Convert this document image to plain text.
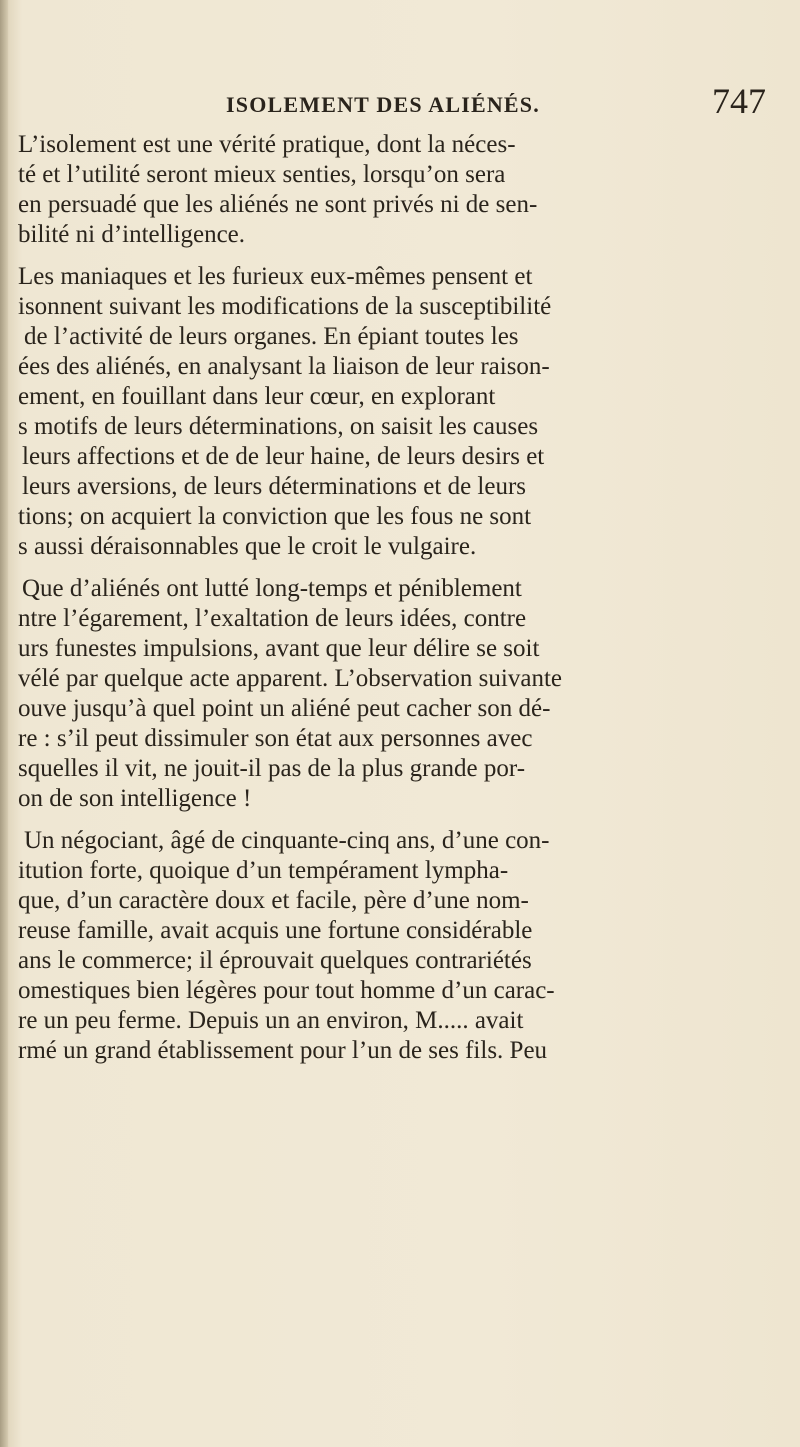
ISOLEMENT DES ALIÉNÉS.	747
L’isolement est une vérité pratique, dont la néces-
té et l’utilité seront mieux senties, lorsqu’on sera
en persuadé que les aliénés ne sont privés ni de sen-
bilité ni d’intelligence.
Les maniaques et les furieux eux-mêmes pensent et
isonnent suivant les modifications de la susceptibilité
de l’activité de leurs organes. En épiant toutes les
ées des aliénés, en analysant la liaison de leur raison-
ement, en fouillant dans leur cœur, en explorant
s motifs de leurs déterminations, on saisit les causes
leurs affections et de de leur haine, de leurs desirs et
leurs aversions, de leurs déterminations et de leurs
tions; on acquiert la conviction que les fous ne sont
s aussi déraisonnables que le croit le vulgaire.
Que d’aliénés ont lutté long-temps et péniblement
ntre l’égarement, l’exaltation de leurs idées, contre
urs funestes impulsions, avant que leur délire se soit
vélé par quelque acte apparent. L’observation suivante
ouve jusqu’à quel point un aliéné peut cacher son dé-
re : s’il peut dissimuler son état aux personnes avec
squelles il vit, ne jouit-il pas de la plus grande por-
on de son intelligence !
Un négociant, âgé de cinquante-cinq ans, d’une con-
itution forte, quoique d’un tempérament lympha-
que, d’un caractère doux et facile, père d’une nom-
reuse famille, avait acquis une fortune considérable
ans le commerce; il éprouvait quelques contrariétés
omestiques bien légères pour tout homme d’un carac-
re un peu ferme. Depuis un an environ, M..... avait
rmé un grand établissement pour l’un de ses fils. Peu
